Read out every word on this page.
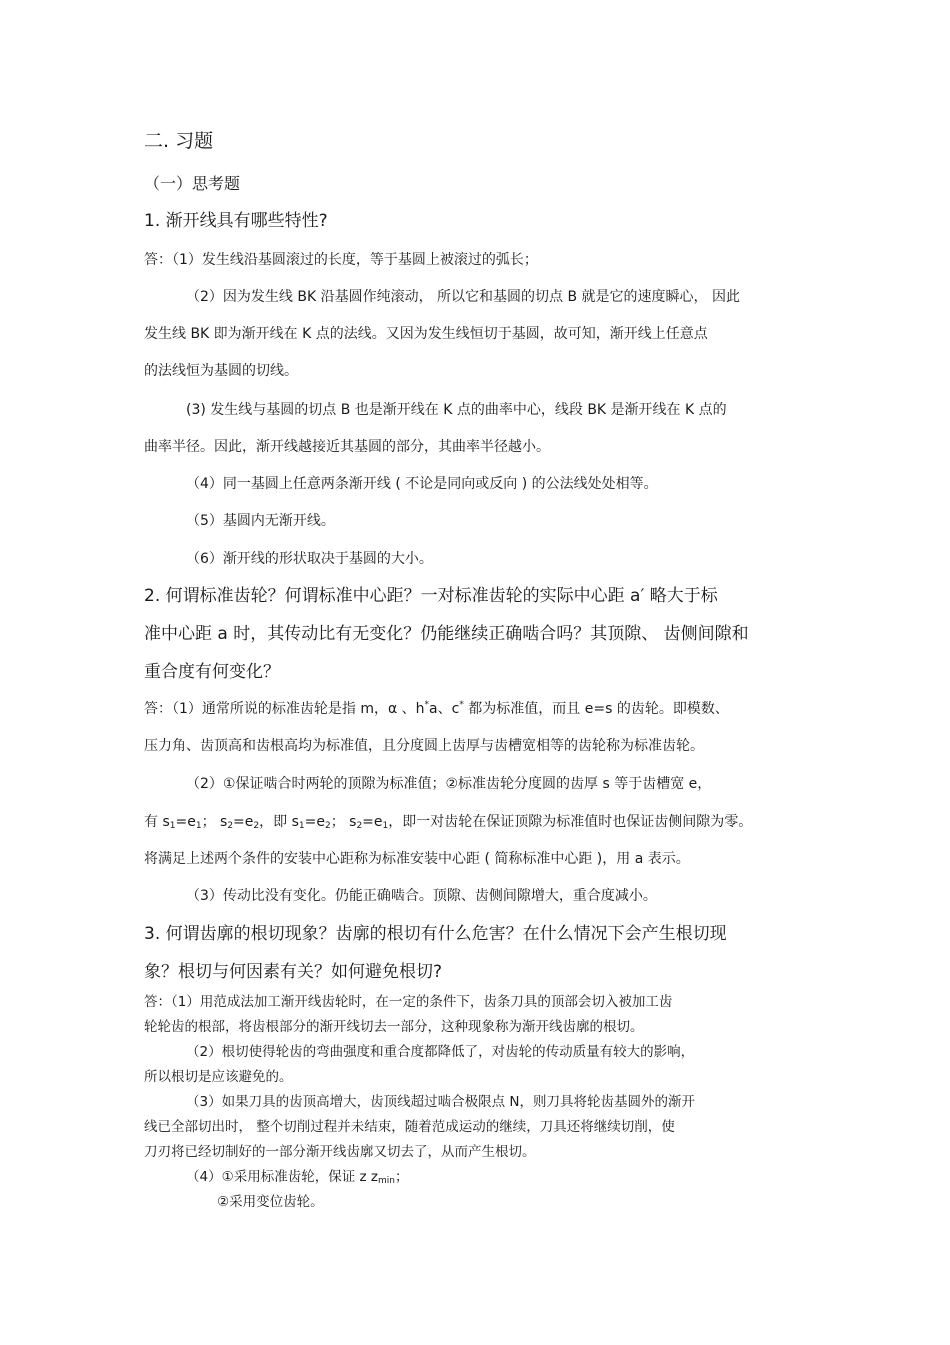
二. 习题
（一）思考题
1. 渐开线具有哪些特性?
答：（1）发生线沿基圆滚过的长度，等于基圆上被滚过的弧长；
（2）因为发生线 BK 沿基圆作纯滚动， 所以它和基圆的切点 B 就是它的速度瞬心， 因此
发生线 BK 即为渐开线在 K 点的法线。又因为发生线恒切于基圆，故可知，渐开线上任意点
的法线恒为基圆的切线。
(3) 发生线与基圆的切点 B 也是渐开线在 K 点的曲率中心，线段 BK 是渐开线在 K 点的
曲率半径。因此，渐开线越接近其基圆的部分，其曲率半径越小。
（4）同一基圆上任意两条渐开线 ( 不论是同向或反向 ) 的公法线处处相等。
（5）基圆内无渐开线。
（6）渐开线的形状取决于基圆的大小。
2. 何谓标准齿轮？何谓标准中心距？一对标准齿轮的实际中心距 a′ 略大于标
准中心距 a 时，其传动比有无变化？仍能继续正确啮合吗？其顶隙、 齿侧间隙和
重合度有何变化？
答：（1）通常所说的标准齿轮是指 m，α 、h*a、c* 都为标准值，而且 e=s 的齿轮。即模数、
压力角、齿顶高和齿根高均为标准值，且分度圆上齿厚与齿槽宽相等的齿轮称为标准齿轮。
（2）①保证啮合时两轮的顶隙为标准值；②标准齿轮分度圆的齿厚 s 等于齿槽宽 e，
有 $s_1=e_1$； $s_2=e_2$，即 $s_1=e_2$； $s_2=e_1$，即一对齿轮在保证顶隙为标准值时也保证齿侧间隙为零。
将满足上述两个条件的安装中心距称为标准安装中心距 ( 简称标准中心距 )，用 a 表示。
（3）传动比没有变化。仍能正确啮合。顶隙、齿侧间隙增大，重合度减小。
3. 何谓齿廓的根切现象？齿廓的根切有什么危害？在什么情况下会产生根切现
象？根切与何因素有关？如何避免根切?
答：（1）用范成法加工渐开线齿轮时，在一定的条件下，齿条刀具的顶部会切入被加工齿
轮轮齿的根部，将齿根部分的渐开线切去一部分，这种现象称为渐开线齿廓的根切。
（2）根切使得轮齿的弯曲强度和重合度都降低了，对齿轮的传动质量有较大的影响，
所以根切是应该避免的。
（3）如果刀具的齿顶高增大，齿顶线超过啮合极限点 N，则刀具将轮齿基圆外的渐开
线已全部切出时， 整个切削过程并未结束，随着范成运动的继续，刀具还将继续切削，使
刀刃将已经切制好的一部分渐开线齿廓又切去了，从而产生根切。
（4）①采用标准齿轮，保证 z $z_{min}$；
②采用变位齿轮。
